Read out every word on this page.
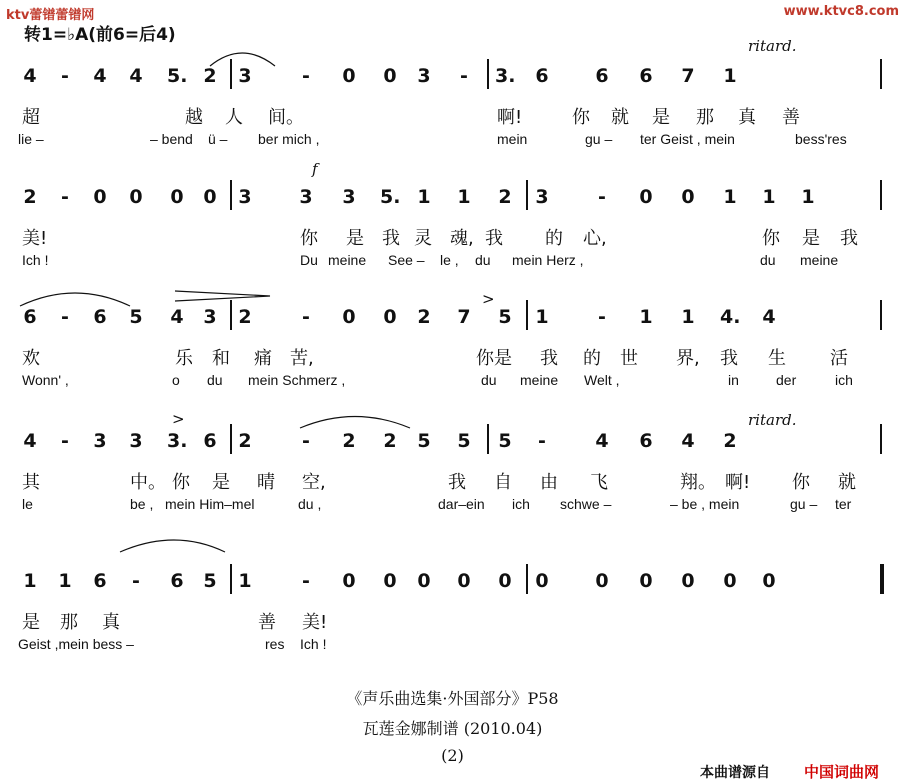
ktv蕾镨蕾镨网	www.ktvc8.com
转1=♭A(前6=后4)
ritard.
f
>
>	ritard.
4	-	4 4 5. 2 3	-	0 0 3	-	3. 6 6 6 7 1
超	越 人 间。	啊!	你 就 是 那 真 善
lie –	– bend ü – ber mich ,	mein	gu – ter Geist , mein	bess'res
2	-	0 0 0 0 3	3 3 5. 1 1 2 3	-	0 0 1 1 1
美!	你 是 我 灵 魂, 我 的 心,	你 是 我
Ich !	Du meine See – le , du mein Herz ,	du meine
6	-	6 5 4 3 2	-	0 0 2 7 5 1	-	1 1 4. 4
欢	乐 和 痛 苦,	你是 我 的 世 界, 我 生 活
Wonn' ,	o du mein Schmerz ,	du meine Welt ,	in	der	ich
4	-	3 3 3. 6 2	-	2 2 5 5 5	-	4 6 4 2
其	中。 你 是 晴 空,	我 自 由 飞	翔。 啊! 你 就
le	be , mein Him–mel	du ,	dar–ein ich schwe –	– be , mein	gu – ter
1 1 6	-	6 5 1	-	0 0 0 0 0 0 0 0 0 0 0
是 那 真	善 美!
Geist ,mein bess –	res Ich !
《声乐曲选集·外国部分》P58
瓦莲金娜制谱 (2010.04)
(2)
本曲谱源自 中国词曲网
